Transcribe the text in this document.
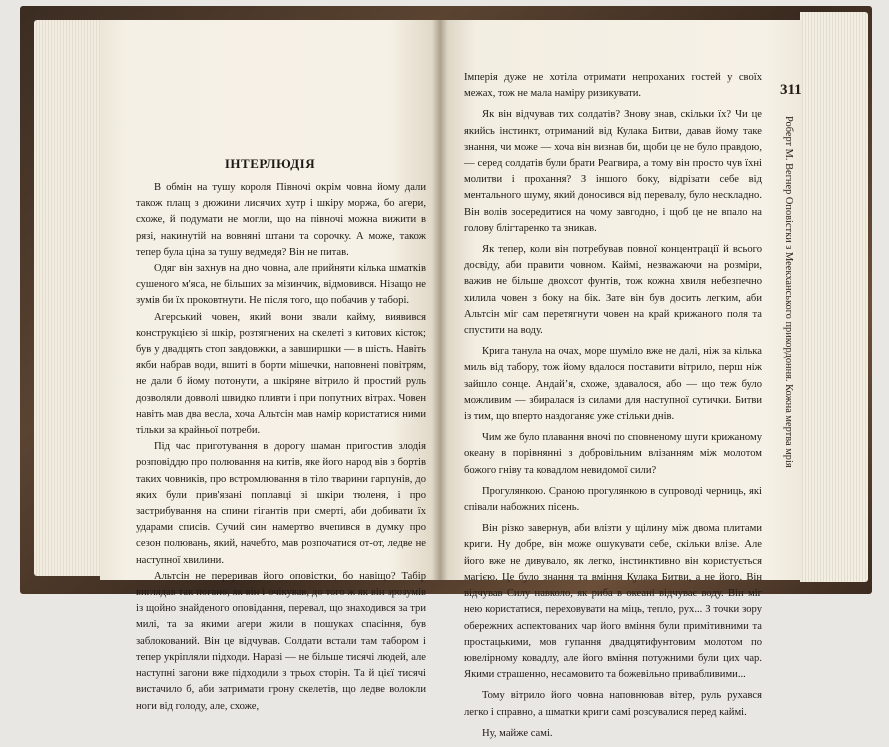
ІНТЕРЛЮДІЯ

В обмін на тушу короля Півночі окрім човна йому дали також плащ з дюжини лисячих хутр і шкіру моржа, бо агери, схоже, й подумати не могли, що на півночі можна вижити в рязі, накинутій на вовняні штани та сорочку. А може, також тепер була ціна за тушу ведмедя? Він не питав.

Одяг він захнув на дно човна, але прийняти кілька шматків сушеного м'яса, не більших за мізинчик, відмовився. Нізащо не зумів би їх проковтнути. Не після того, що побачив у таборі.

Агерський човен, який вони звали кайму, виявився конструкцією зі шкір, розтягнених на скелеті з китових кісток; був у двадцять стоп завдовжки, а завширшки — в шість. Навіть якби набрав води, вшиті в борти мішечки, наповнені повітрям, не дали б йому потонути, а шкіряне вітрило й простий руль дозволяли довволі швидко пливти і при попутних вітрах. Човен навіть мав два весла, хоча Альтсін мав намір користатися ними тільки за крайньої потреби.

Під час приготування в дорогу шаман пригостив злодія розповіддю про полювання на китів, яке його народ вів з бортів таких човників, про встромлювання в тіло тварини гарпунів, до яких були прив'язані поплавці зі шкіри тюленя, і про застрибування на спини гігантів при смерті, аби добивати їх ударами списів. Сучий син намертво вчепився в думку про сезон полювань, який, начебто, мав розпочатися от-от, ледве не наступної хвилини.

Альтсін не переривав його оповістки, бо навіщо? Табір виглядав так погано, як він і очікував, до того ж як він зрозумів із щойно знайденого оповідання, перевал, що знаходився за три милі, та за якими агери жили в пошуках спасіння, був заблокований. Він це відчував. Солдати встали там табором і тепер укріпляли підходи. Наразі — не більше тисячі людей, але наступні загони вже підходили з трьох сторін. Та й цієї тисячі вистачило б, аби затримати грону скелетів, що ледве волокли ноги від голоду, але, схоже,

311
Роберт М. Вегнер Оповістки з Меекханського прикордоння. Кожна мертва мрія

Імперія дуже не хотіла отримати непроханих гостей у своїх межах, тож не мала наміру ризикувати.

Як він відчував тих солдатів? Знову знав, скільки їх? Чи це якийсь інстинкт, отриманий від Кулака Битви, давав йому таке знання, чи може — хоча він визнав би, щоби це не було правдою, — серед солдатів були брати Реагвира, а тому він просто чув їхні молитви і прохання? З іншого боку, відрізати себе від ментального шуму, який доносився від перевалу, було нескладно. Він волів зосередитися на чому завгодно, і щоб це не впало на голову блігтаренко та зникав.

Як тепер, коли він потребував повної концентрації й всього досвіду, аби правити човном. Каймі, незважаючи на розміри, важив не більше двохсот фунтів, тож кожна хвиля небезпечно хилила човен з боку на бік. Зате він був досить легким, аби Альтсін міг сам перетягнути човен на край крижаного поля та спустити на воду.

Крига танула на очах, море шуміло вже не далі, ніж за кілька миль від табору, тож йому вдалося поставити вітрило, перш ніж зайшло сонце. Андайʼя, схоже, здавалося, або — що теж було можливим — збиралася із силами для наступної сутички. Битви із тим, що вперто наздоганяє уже стільки днів.

Чим же було плавання вночі по сповненому шуги крижаному океану в порівнянні з добровільним влізанням між молотом божого гніву та ковадлом невидомої сили?

Прогулянкою. Сраною прогулянкою в супроводі черниць, які співали набожних пісень.

Він різко завернув, аби влізти у щілину між двома плитами криги. Ну добре, він може ошукувати себе, скільки влізе. Але його вже не дивувало, як легко, інстинктивно він користується магією. Це було знання та вміння Кулака Битви, а не його. Він відчував Силу навколо, як риба в океані відчуває воду. Він міг нею користатися, переховувати на міць, тепло, рух... З точки зору обережних аспектованих чар його вміння були примітивними та простацькими, мов гупання двадцятифунтовим молотом по ювелірному ковадлу, але його вміння потужними були цих чар. Якими страшенно, несамовито та божевільно привабливими...

Тому вітрило його човна наповнював вітер, руль рухався легко і справно, а шматки криги самі розсувалися перед каймі.

Ну, майже самі.
